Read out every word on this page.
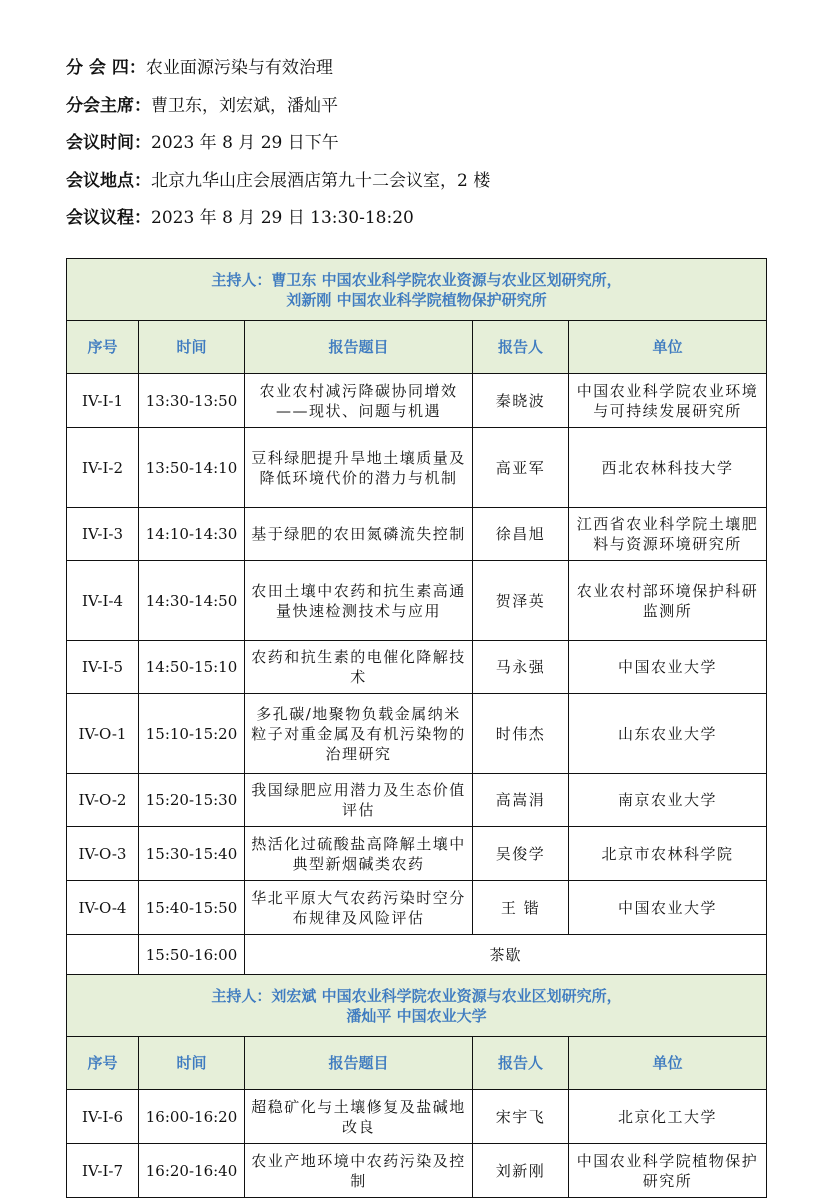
分 会 四：农业面源污染与有效治理
分会主席：曹卫东，刘宏斌，潘灿平
会议时间：2023 年 8 月 29 日下午
会议地点：北京九华山庄会展酒店第九十二会议室，2 楼
会议议程：2023 年 8 月 29 日 13:30-18:20
主持人：曹卫东 中国农业科学院农业资源与农业区划研究所，
刘新刚 中国农业科学院植物保护研究所				

序号	时间	报告题目	报告人	单位
IV-I-1	13:30-13:50	农业农村减污降碳协同增效——现状、问题与机遇	秦晓波	中国农业科学院农业环境与可持续发展研究所
IV-I-2	13:50-14:10	豆科绿肥提升旱地土壤质量及降低环境代价的潜力与机制	高亚军	西北农林科技大学
IV-I-3	14:10-14:30	基于绿肥的农田氮磷流失控制	徐昌旭	江西省农业科学院土壤肥料与资源环境研究所
IV-I-4	14:30-14:50	农田土壤中农药和抗生素高通量快速检测技术与应用	贺泽英	农业农村部环境保护科研监测所
IV-I-5	14:50-15:10	农药和抗生素的电催化降解技术	马永强	中国农业大学
IV-O-1	15:10-15:20	多孔碳/地聚物负载金属纳米粒子对重金属及有机污染物的治理研究	时伟杰	山东农业大学
IV-O-2	15:20-15:30	我国绿肥应用潜力及生态价值评估	高嵩涓	南京农业大学
IV-O-3	15:30-15:40	热活化过硫酸盐高降解土壤中典型新烟碱类农药	吴俊学	北京市农林科学院
IV-O-4	15:40-15:50	华北平原大气农药污染时空分布规律及风险评估	王 锴	中国农业大学
	15:50-16:00	茶歇		

主持人：刘宏斌 中国农业科学院农业资源与农业区划研究所，
潘灿平 中国农业大学				

序号	时间	报告题目	报告人	单位
IV-I-6	16:00-16:20	超稳矿化与土壤修复及盐碱地改良	宋宇飞	北京化工大学
IV-I-7	16:20-16:40	农业产地环境中农药污染及控制	刘新刚	中国农业科学院植物保护研究所
